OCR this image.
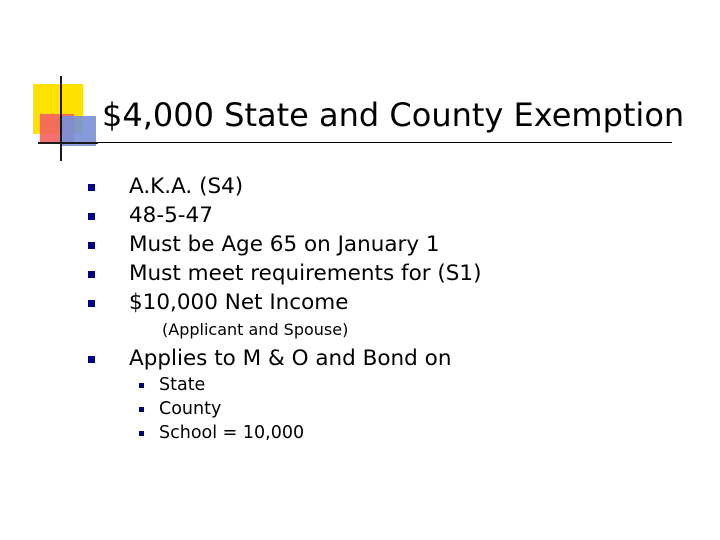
$4,000 State and County Exemption
A.K.A. (S4)
48-5-47
Must be Age 65 on January 1
Must meet requirements for (S1)
$10,000 Net Income
(Applicant and Spouse)
Applies to M & O and Bond on
State
County
School = 10,000
